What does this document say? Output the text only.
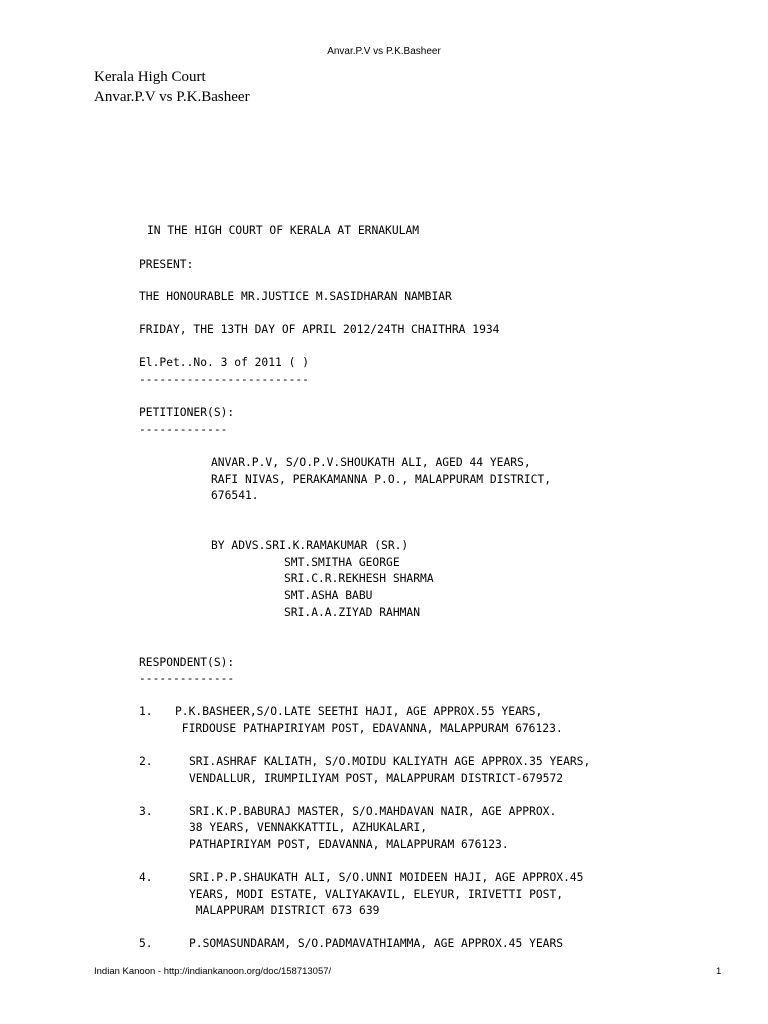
Anvar.P.V vs P.K.Basheer
Kerala High Court
Anvar.P.V vs P.K.Basheer
IN THE HIGH COURT OF KERALA AT ERNAKULAM
PRESENT:
THE HONOURABLE MR.JUSTICE M.SASIDHARAN NAMBIAR
FRIDAY, THE 13TH DAY OF APRIL 2012/24TH CHAITHRA 1934
El.Pet..No. 3 of 2011 ( )
-------------------------
PETITIONER(S):
-------------
ANVAR.P.V, S/O.P.V.SHOUKATH ALI, AGED 44 YEARS,
RAFI NIVAS, PERAKAMANNA P.O., MALAPPURAM DISTRICT,
676541.
BY ADVS.SRI.K.RAMAKUMAR (SR.)
SMT.SMITHA GEORGE
SRI.C.R.REKHESH SHARMA
SMT.ASHA BABU
SRI.A.A.ZIYAD RAHMAN
RESPONDENT(S):
--------------
1. P.K.BASHEER,S/O.LATE SEETHI HAJI, AGE APPROX.55 YEARS,
FIRDOUSE PATHAPIRIYAM POST, EDAVANNA, MALAPPURAM 676123.
2.	SRI.ASHRAF KALIATH, S/O.MOIDU KALIYATH AGE APPROX.35 YEARS,
VENDALLUR, IRUMPILIYAM POST, MALAPPURAM DISTRICT-679572
3.	SRI.K.P.BABURAJ MASTER, S/O.MAHDAVAN NAIR, AGE APPROX.
38 YEARS, VENNAKKATTIL, AZHUKALARI,
PATHAPIRIYAM POST, EDAVANNA, MALAPPURAM 676123.
4.	SRI.P.P.SHAUKATH ALI, S/O.UNNI MOIDEEN HAJI, AGE APPROX.45
YEARS, MODI ESTATE, VALIYAKAVIL, ELEYUR, IRIVETTI POST,
MALAPPURAM DISTRICT 673 639
5.	P.SOMASUNDARAM, S/O.PADMAVATHIAMMA, AGE APPROX.45 YEARS
Indian Kanoon - http://indiankanoon.org/doc/158713057/	1
